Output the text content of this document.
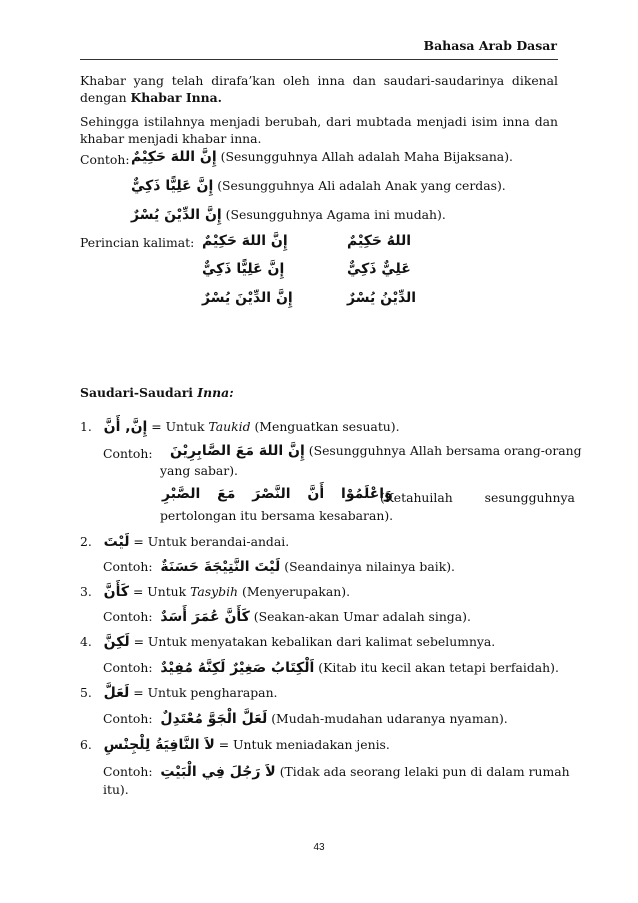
Bahasa Arab Dasar
Khabar yang telah dirafa’kan oleh inna dan saudari-saudarinya dikenal dengan Khabar Inna.
Sehingga istilahnya menjadi berubah, dari mubtada menjadi isim inna dan khabar menjadi khabar inna.
Contoh: إِنَّ اللهَ حَكِيْمٌ (Sesungguhnya Allah adalah Maha Bijaksana).
إِنَّ عَلِيًّا ذَكِيٌّ (Sesungguhnya Ali adalah Anak yang cerdas).
إِنَّ الدِّيْنَ يُسْرٌ (Sesungguhnya Agama ini mudah).
Perincian kalimat: إِنَّ اللهَ حَكِيْمٌ	اللهُ حَكِيْمٌ
إِنَّ عَلِيًّا ذَكِيٌّ	عَلِيٌّ ذَكِيٌّ
إِنَّ الدِّيْنَ يُسْرٌ	الدِّيْنُ يُسْرٌ
Saudari-Saudari Inna:
1. إِنَّ, أَنَّ = Untuk Taukid (Menguatkan sesuatu).
Contoh: إِنَّ اللهَ مَعَ الصَّابِرِيْنَ (Sesungguhnya Allah bersama orang-orang
yang sabar).
وَاعْلَمُوْا أَنَّ النَّصْرَ مَعَ الصَّبْرِ
(Ketahuilah sesungguhnya
pertolongan itu bersama kesabaran).
2. لَيْتَ = Untuk berandai-andai.
Contoh: لَيْتَ النَّتِيْجَةَ حَسَنَةٌ (Seandainya nilainya baik).
3. كَأَنَّ = Untuk Tasybih (Menyerupakan).
Contoh: كَأَنَّ عُمَرَ أَسَدٌ (Seakan-akan Umar adalah singa).
4. لَكِنَّ = Untuk menyatakan kebalikan dari kalimat sebelumnya.
Contoh: اَلْكِتَابُ صَغِيْرٌ لَكِنَّهُ مُفِيْدٌ (Kitab itu kecil akan tetapi berfaidah).
5. لَعَلَّ = Untuk pengharapan.
Contoh: لَعَلَّ الْجَوَّ مُعْتَدِلٌ (Mudah-mudahan udaranya nyaman).
6. لاَ النَّافِيَةُ لِلْجِنْسِ = Untuk meniadakan jenis.
Contoh: لاَ رَجُلَ فِي الْبَيْتِ (Tidak ada seorang lelaki pun di dalam rumah
itu).
43
